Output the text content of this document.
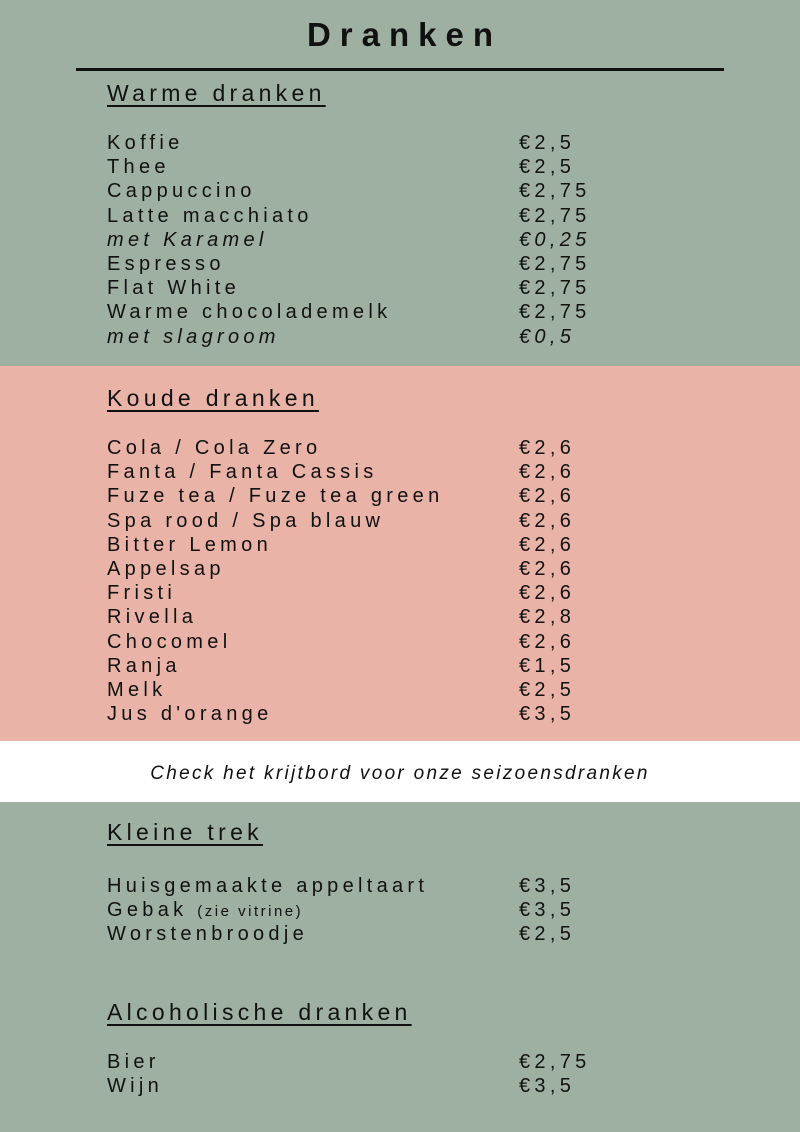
Dranken
Warme dranken
Koffie	€2,5
Thee	€2,5
Cappuccino	€2,75
Latte macchiato	€2,75
met Karamel	€0,25
Espresso	€2,75
Flat White	€2,75
Warme chocolademelk	€2,75
met slagroom	€0,5
Koude dranken
Cola / Cola Zero	€2,6
Fanta / Fanta Cassis	€2,6
Fuze tea / Fuze tea green	€2,6
Spa rood / Spa blauw	€2,6
Bitter Lemon	€2,6
Appelsap	€2,6
Fristi	€2,6
Rivella	€2,8
Chocomel	€2,6
Ranja	€1,5
Melk	€2,5
Jus d'orange	€3,5
Check het krijtbord voor onze seizoensdranken
Kleine trek
Huisgemaakte appeltaart	€3,5
Gebak (zie vitrine)	€3,5
Worstenbroodje	€2,5
Alcoholische dranken
Bier	€2,75
Wijn	€3,5
